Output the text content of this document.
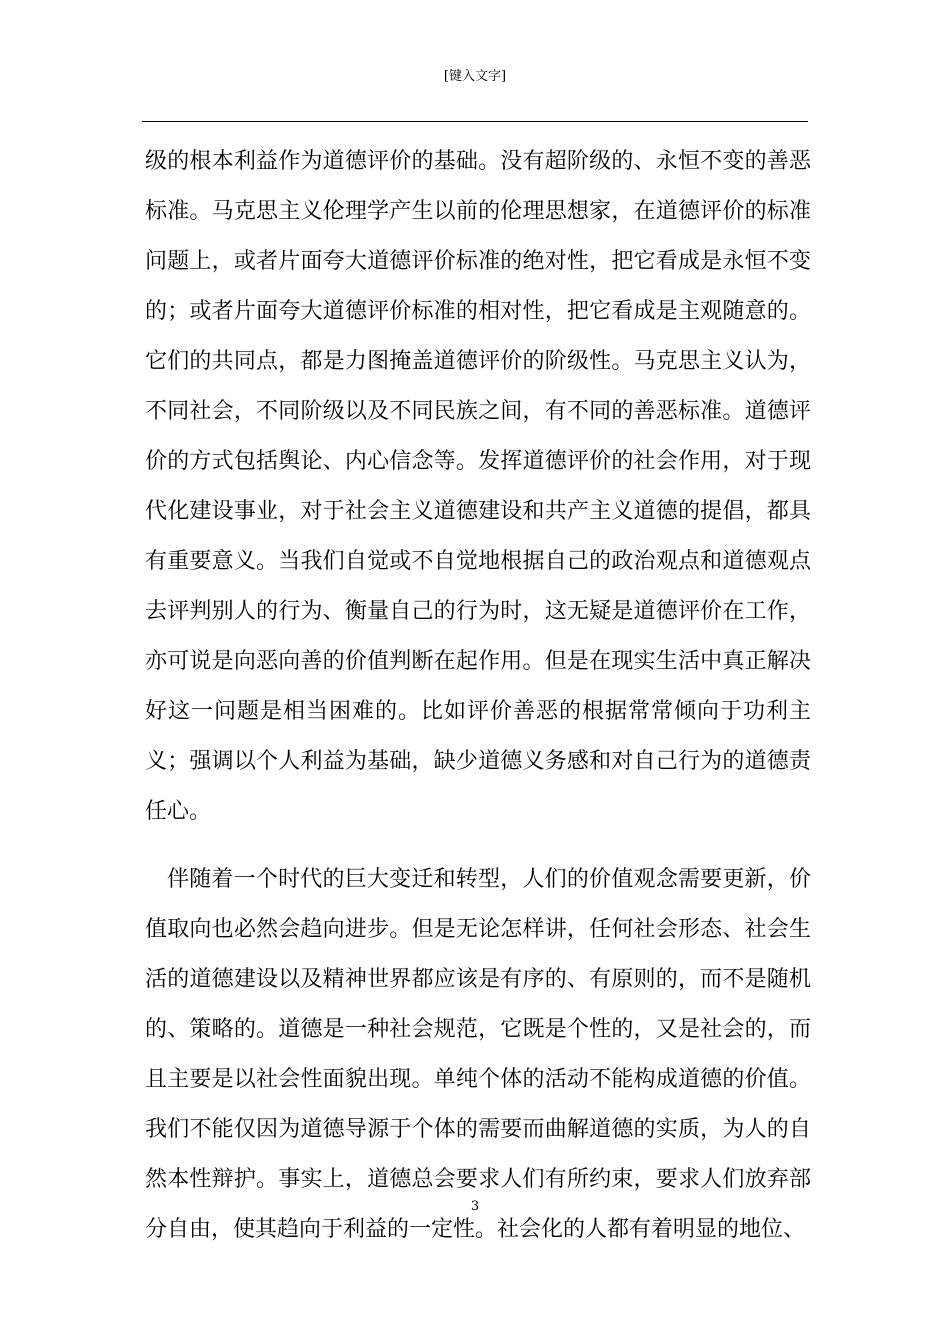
[键入文字]

级的根本利益作为道德评价的基础。没有超阶级的、永恒不变的善恶标准。马克思主义伦理学产生以前的伦理思想家，在道德评价的标准问题上，或者片面夸大道德评价标准的绝对性，把它看成是永恒不变的；或者片面夸大道德评价标准的相对性，把它看成是主观随意的。它们的共同点，都是力图掩盖道德评价的阶级性。马克思主义认为，不同社会，不同阶级以及不同民族之间，有不同的善恶标准。道德评价的方式包括舆论、内心信念等。发挥道德评价的社会作用，对于现代化建设事业，对于社会主义道德建设和共产主义道德的提倡，都具有重要意义。当我们自觉或不自觉地根据自己的政治观点和道德观点去评判别人的行为、衡量自己的行为时，这无疑是道德评价在工作，亦可说是向恶向善的价值判断在起作用。但是在现实生活中真正解决好这一问题是相当困难的。比如评价善恶的根据常常倾向于功利主义；强调以个人利益为基础，缺少道德义务感和对自己行为的道德责任心。

伴随着一个时代的巨大变迁和转型，人们的价值观念需要更新，价值取向也必然会趋向进步。但是无论怎样讲，任何社会形态、社会生活的道德建设以及精神世界都应该是有序的、有原则的，而不是随机的、策略的。道德是一种社会规范，它既是个性的，又是社会的，而且主要是以社会性面貌出现。单纯个体的活动不能构成道德的价值。我们不能仅因为道德导源于个体的需要而曲解道德的实质，为人的自然本性辩护。事实上，道德总会要求人们有所约束，要求人们放弃部分自由，使其趋向于利益的一定性。社会化的人都有着明显的地位、

3
